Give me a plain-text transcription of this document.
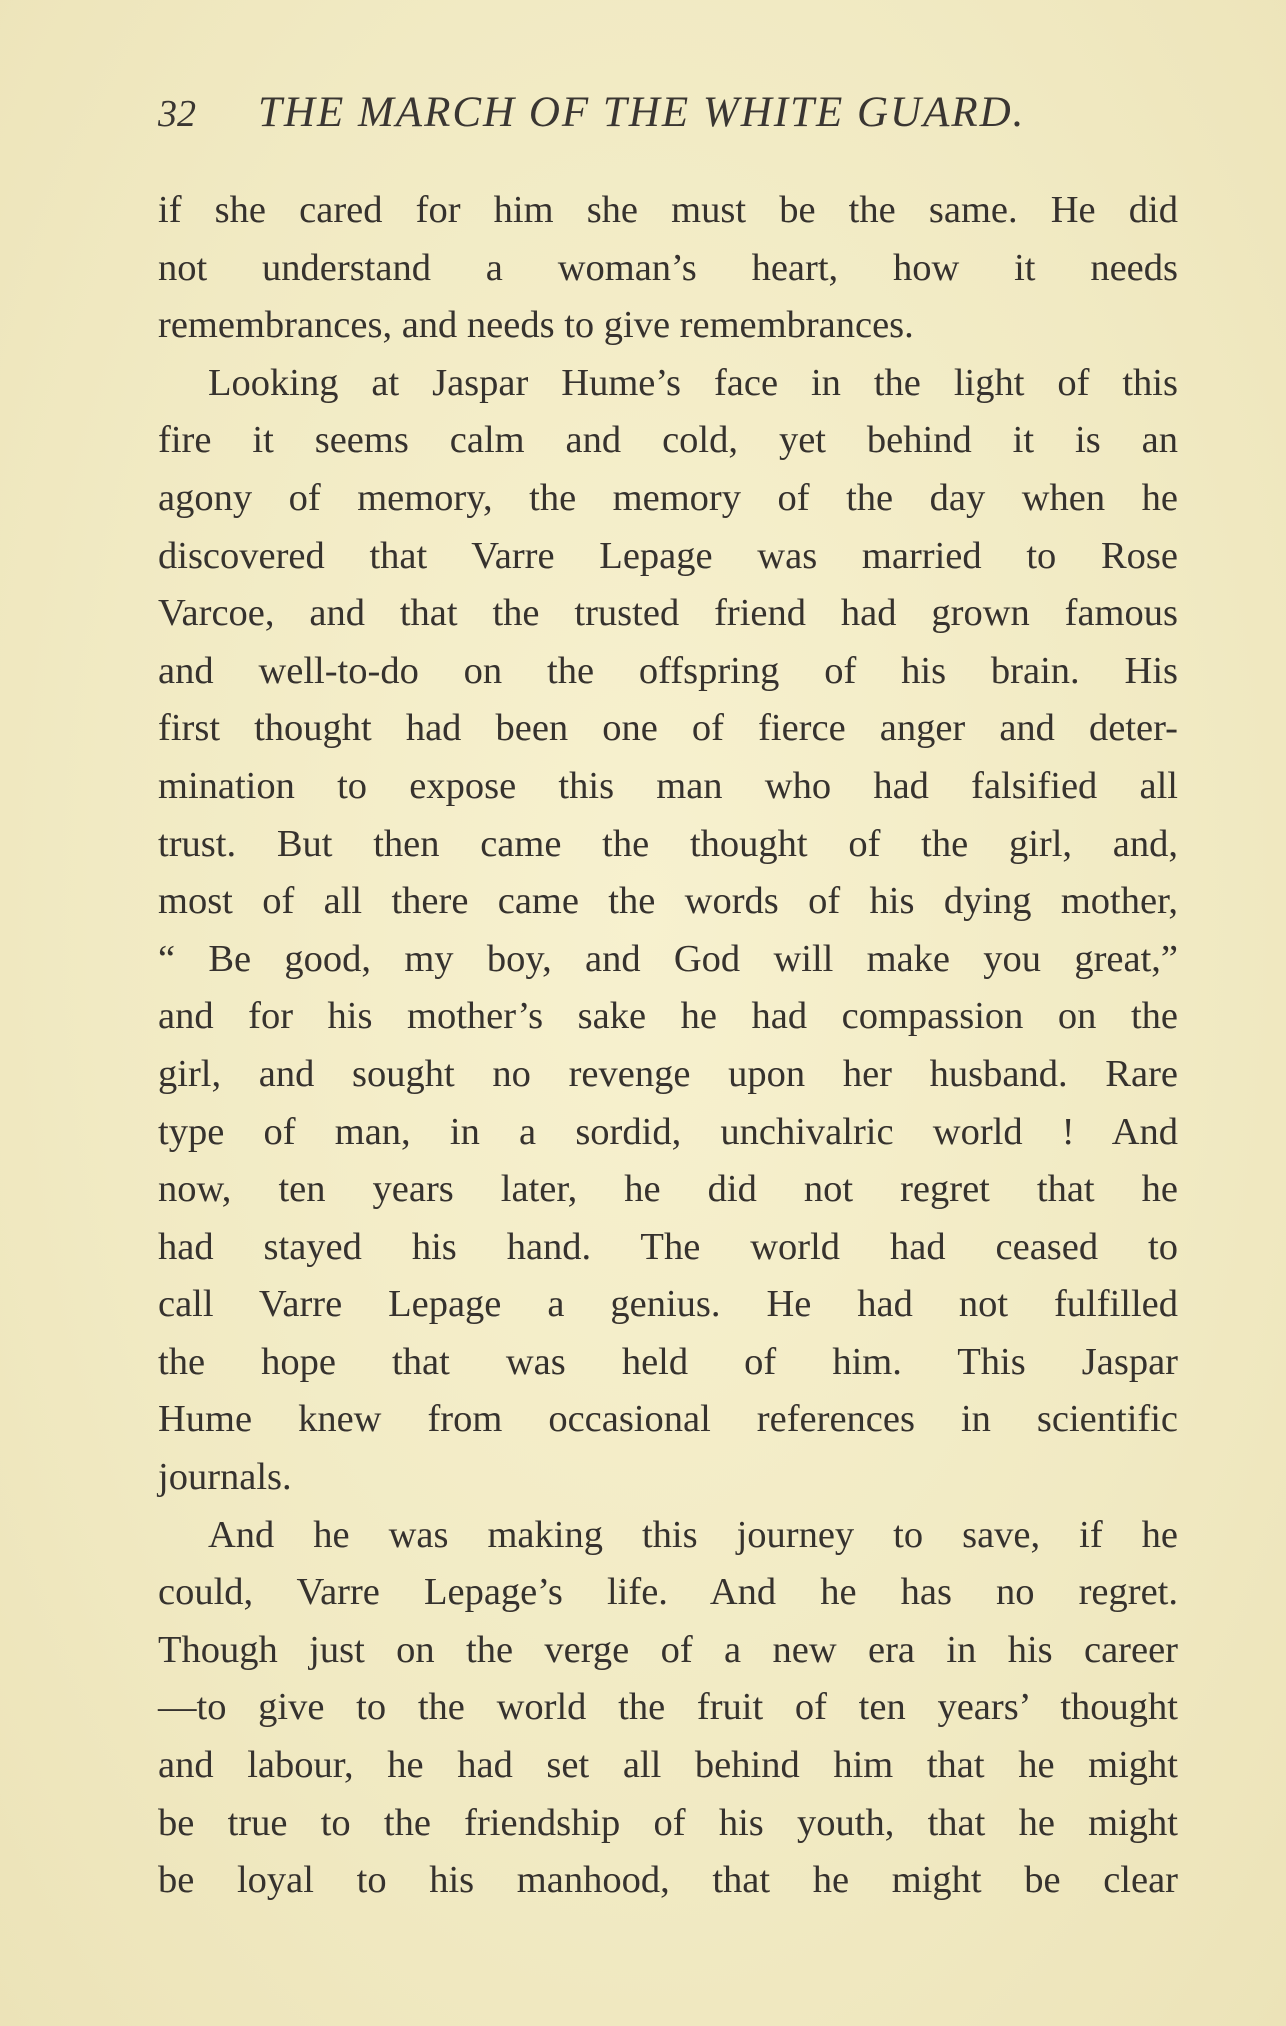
32 THE MARCH OF THE WHITE GUARD.
if she cared for him she must be the same. He did
not understand a woman’s heart, how it needs
remembrances, and needs to give remembrances.
Looking at Jaspar Hume’s face in the light of this
fire it seems calm and cold, yet behind it is an
agony of memory, the memory of the day when he
discovered that Varre Lepage was married to Rose
Varcoe, and that the trusted friend had grown famous
and well-to-do on the offspring of his brain. His
first thought had been one of fierce anger and deter-
mination to expose this man who had falsified all
trust. But then came the thought of the girl, and,
most of all there came the words of his dying mother,
“ Be good, my boy, and God will make you great,”
and for his mother’s sake he had compassion on the
girl, and sought no revenge upon her husband. Rare
type of man, in a sordid, unchivalric world ! And
now, ten years later, he did not regret that he
had stayed his hand. The world had ceased to
call Varre Lepage a genius. He had not fulfilled
the hope that was held of him. This Jaspar
Hume knew from occasional references in scientific
journals.
And he was making this journey to save, if he
could, Varre Lepage’s life. And he has no regret.
Though just on the verge of a new era in his career
—to give to the world the fruit of ten years’ thought
and labour, he had set all behind him that he might
be true to the friendship of his youth, that he might
be loyal to his manhood, that he might be clear
